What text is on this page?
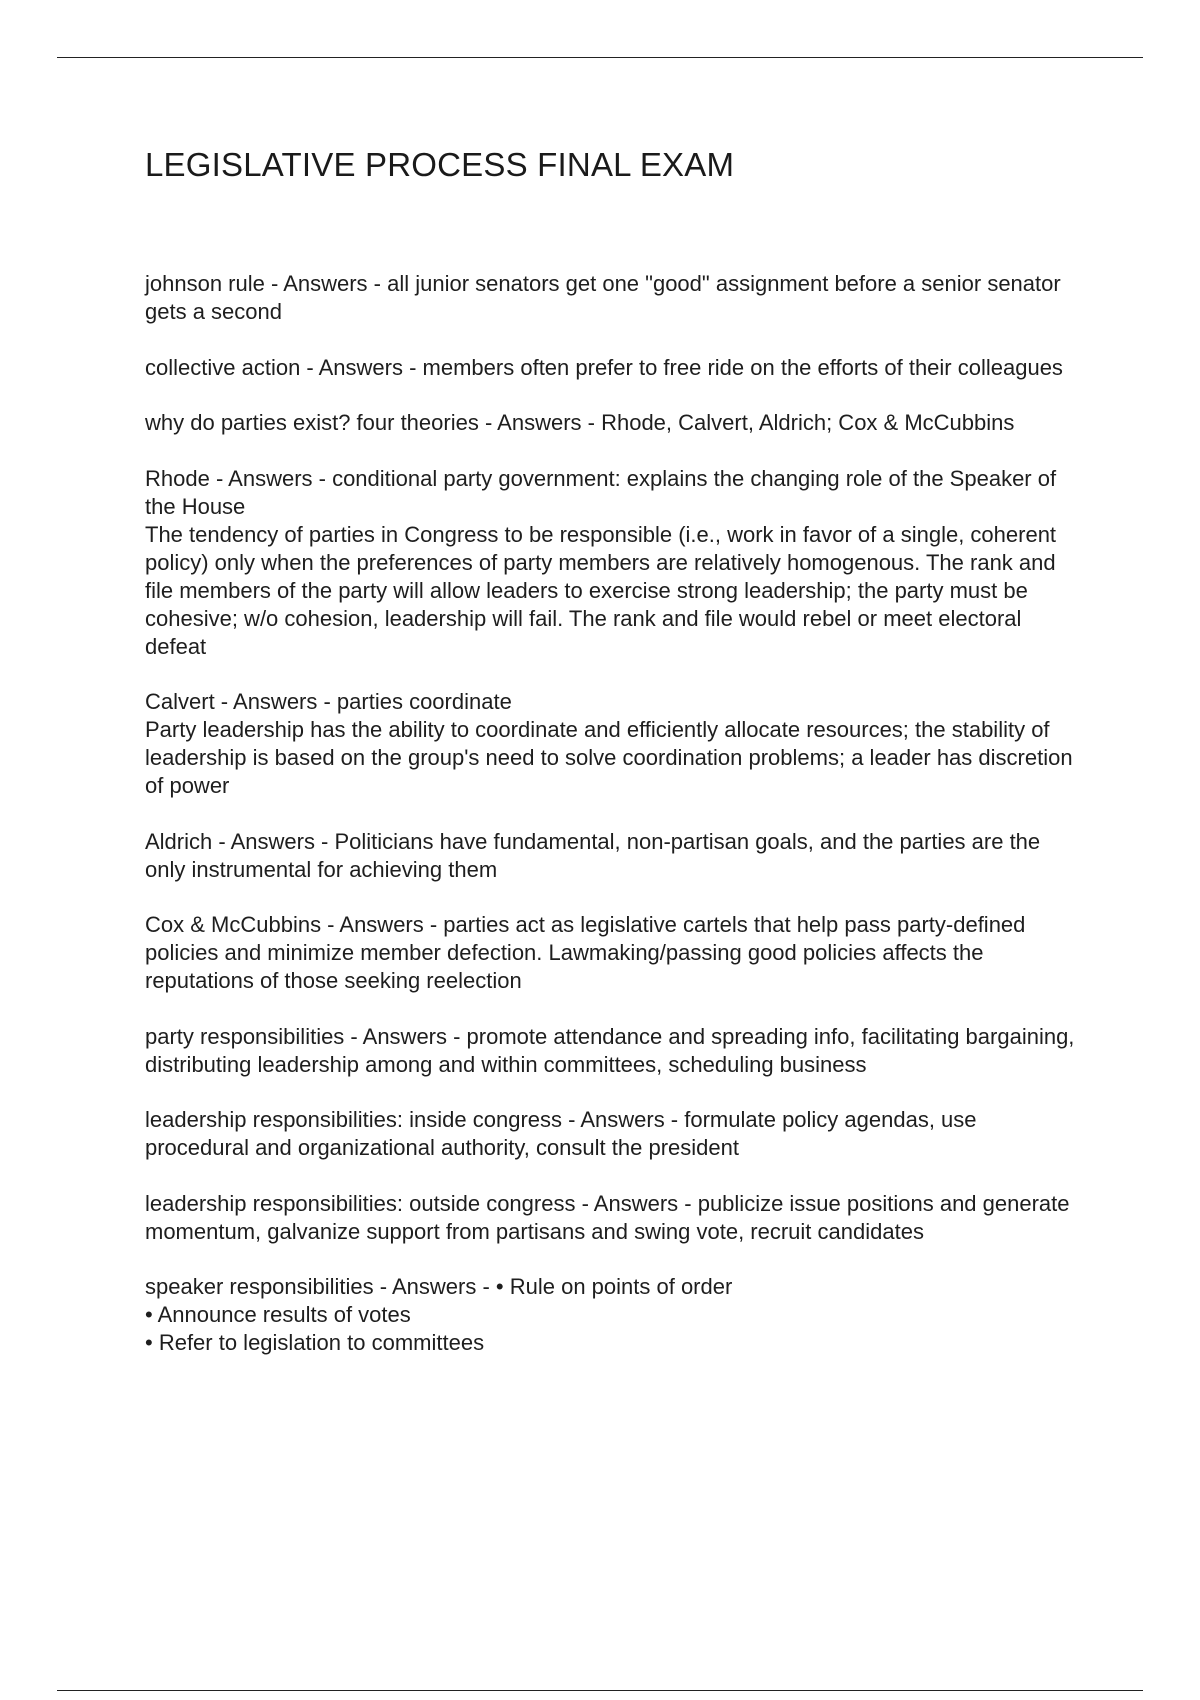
LEGISLATIVE PROCESS FINAL EXAM

johnson rule - Answers - all junior senators get one "good" assignment before a senior senator gets a second

collective action - Answers - members often prefer to free ride on the efforts of their colleagues

why do parties exist? four theories - Answers - Rhode, Calvert, Aldrich; Cox & McCubbins

Rhode - Answers - conditional party government: explains the changing role of the Speaker of the House
The tendency of parties in Congress to be responsible (i.e., work in favor of a single, coherent policy) only when the preferences of party members are relatively homogenous. The rank and file members of the party will allow leaders to exercise strong leadership; the party must be cohesive; w/o cohesion, leadership will fail. The rank and file would rebel or meet electoral defeat

Calvert - Answers - parties coordinate
Party leadership has the ability to coordinate and efficiently allocate resources; the stability of leadership is based on the group's need to solve coordination problems; a leader has discretion of power

Aldrich - Answers - Politicians have fundamental, non-partisan goals, and the parties are the only instrumental for achieving them

Cox & McCubbins - Answers - parties act as legislative cartels that help pass party-defined policies and minimize member defection. Lawmaking/passing good policies affects the reputations of those seeking reelection

party responsibilities - Answers - promote attendance and spreading info, facilitating bargaining, distributing leadership among and within committees, scheduling business

leadership responsibilities: inside congress - Answers - formulate policy agendas, use procedural and organizational authority, consult the president

leadership responsibilities: outside congress - Answers - publicize issue positions and generate momentum, galvanize support from partisans and swing vote, recruit candidates

speaker responsibilities - Answers - • Rule on points of order
• Announce results of votes
• Refer to legislation to committees
